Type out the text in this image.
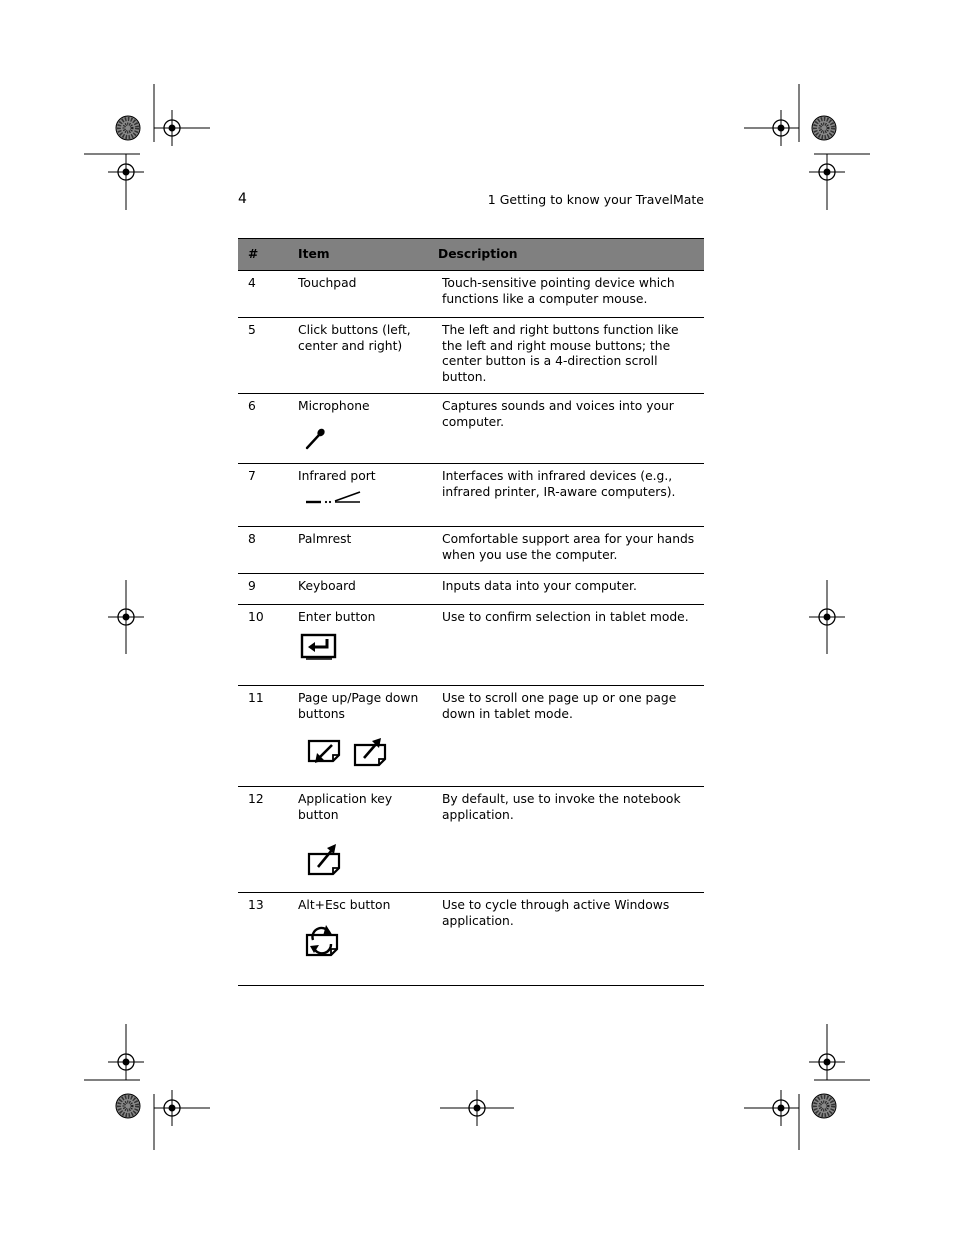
4	1 Getting to know your TravelMate
#	Item	Description
4	Touchpad	Touch-sensitive pointing device which functions like a computer mouse.
5	Click buttons (left, center and right)	The left and right buttons function like the left and right mouse buttons; the center button is a 4-direction scroll button.
6	Microphone	Captures sounds and voices into your computer.
7	Infrared port	Interfaces with infrared devices (e.g., infrared printer, IR-aware computers).
8	Palmrest	Comfortable support area for your hands when you use the computer.
9	Keyboard	Inputs data into your computer.
10	Enter button	Use to confirm selection in tablet mode.
11	Page up/Page down buttons	Use to scroll one page up or one page down in tablet mode.
12	Application key button	By default, use to invoke the notebook application.
13	Alt+Esc button	Use to cycle through active Windows application.
